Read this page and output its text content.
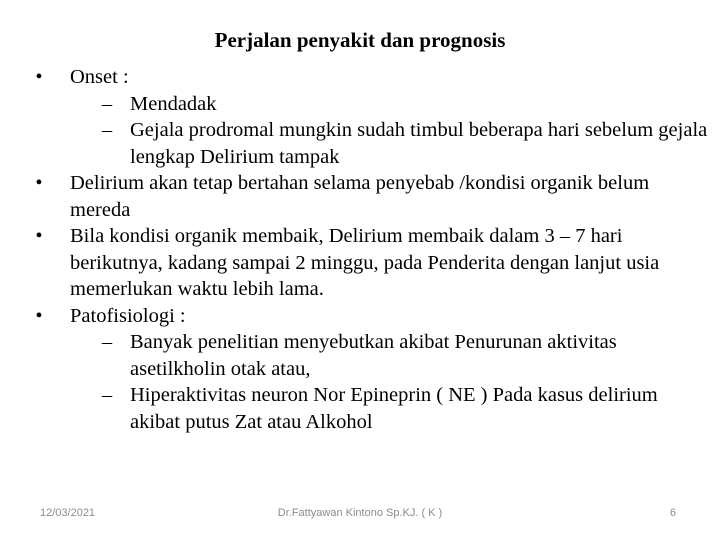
Perjalan penyakit dan prognosis
•	Onset :
– Mendadak
– Gejala prodromal mungkin sudah timbul beberapa hari sebelum gejala lengkap Delirium tampak
•	Delirium akan tetap bertahan selama penyebab /kondisi organik belum mereda
•	Bila kondisi organik membaik, Delirium membaik dalam 3 – 7 hari berikutnya, kadang sampai 2 minggu, pada Penderita dengan lanjut usia memerlukan waktu lebih lama.
•	Patofisiologi :
– Banyak penelitian menyebutkan akibat Penurunan aktivitas asetilkholin otak atau,
– Hiperaktivitas neuron Nor Epineprin ( NE ) Pada kasus delirium akibat putus Zat atau Alkohol
12/03/2021	Dr.Fattyawan Kintono Sp.KJ. ( K )	6
